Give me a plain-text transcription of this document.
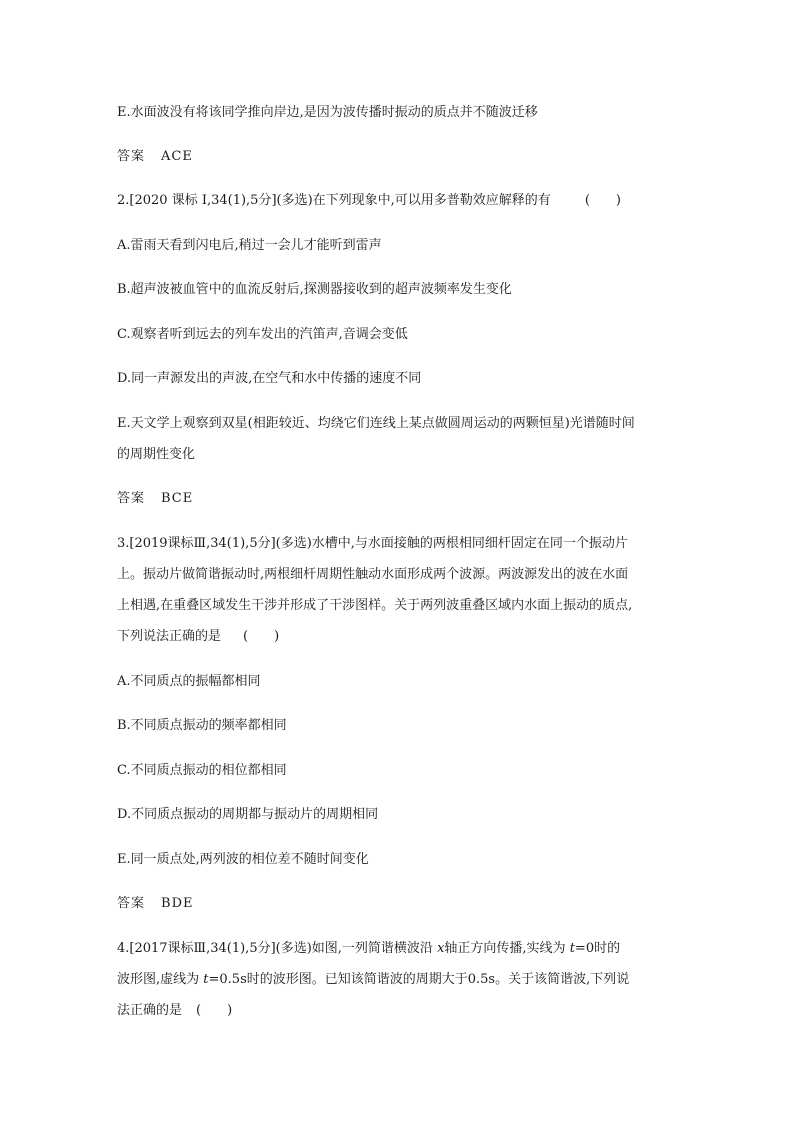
E.水面波没有将该同学推向岸边,是因为波传播时振动的质点并不随波迁移
答案 ACE
2.[2020 课标 Ⅰ,34(1),5分](多选)在下列现象中,可以用多普勒效应解释的有	(　　)
A.雷雨天看到闪电后,稍过一会儿才能听到雷声
B.超声波被血管中的血流反射后,探测器接收到的超声波频率发生变化
C.观察者听到远去的列车发出的汽笛声,音调会变低
D.同一声源发出的声波,在空气和水中传播的速度不同
E.天文学上观察到双星(相距较近、均绕它们连线上某点做圆周运动的两颗恒星)光谱随时间
的周期性变化
答案 BCE
3.[2019课标Ⅲ,34(1),5分](多选)水槽中,与水面接触的两根相同细杆固定在同一个振动片
上。振动片做简谐振动时,两根细杆周期性触动水面形成两个波源。两波源发出的波在水面
上相遇,在重叠区域发生干涉并形成了干涉图样。关于两列波重叠区域内水面上振动的质点,
下列说法正确的是 (　　)
A.不同质点的振幅都相同
B.不同质点振动的频率都相同
C.不同质点振动的相位都相同
D.不同质点振动的周期都与振动片的周期相同
E.同一质点处,两列波的相位差不随时间变化
答案 BDE
4.[2017课标Ⅲ,34(1),5分](多选)如图,一列简谐横波沿 x轴正方向传播,实线为 t=0时的
波形图,虚线为 t=0.5s时的波形图。已知该简谐波的周期大于0.5s。关于该简谐波,下列说
法正确的是 (　　)
